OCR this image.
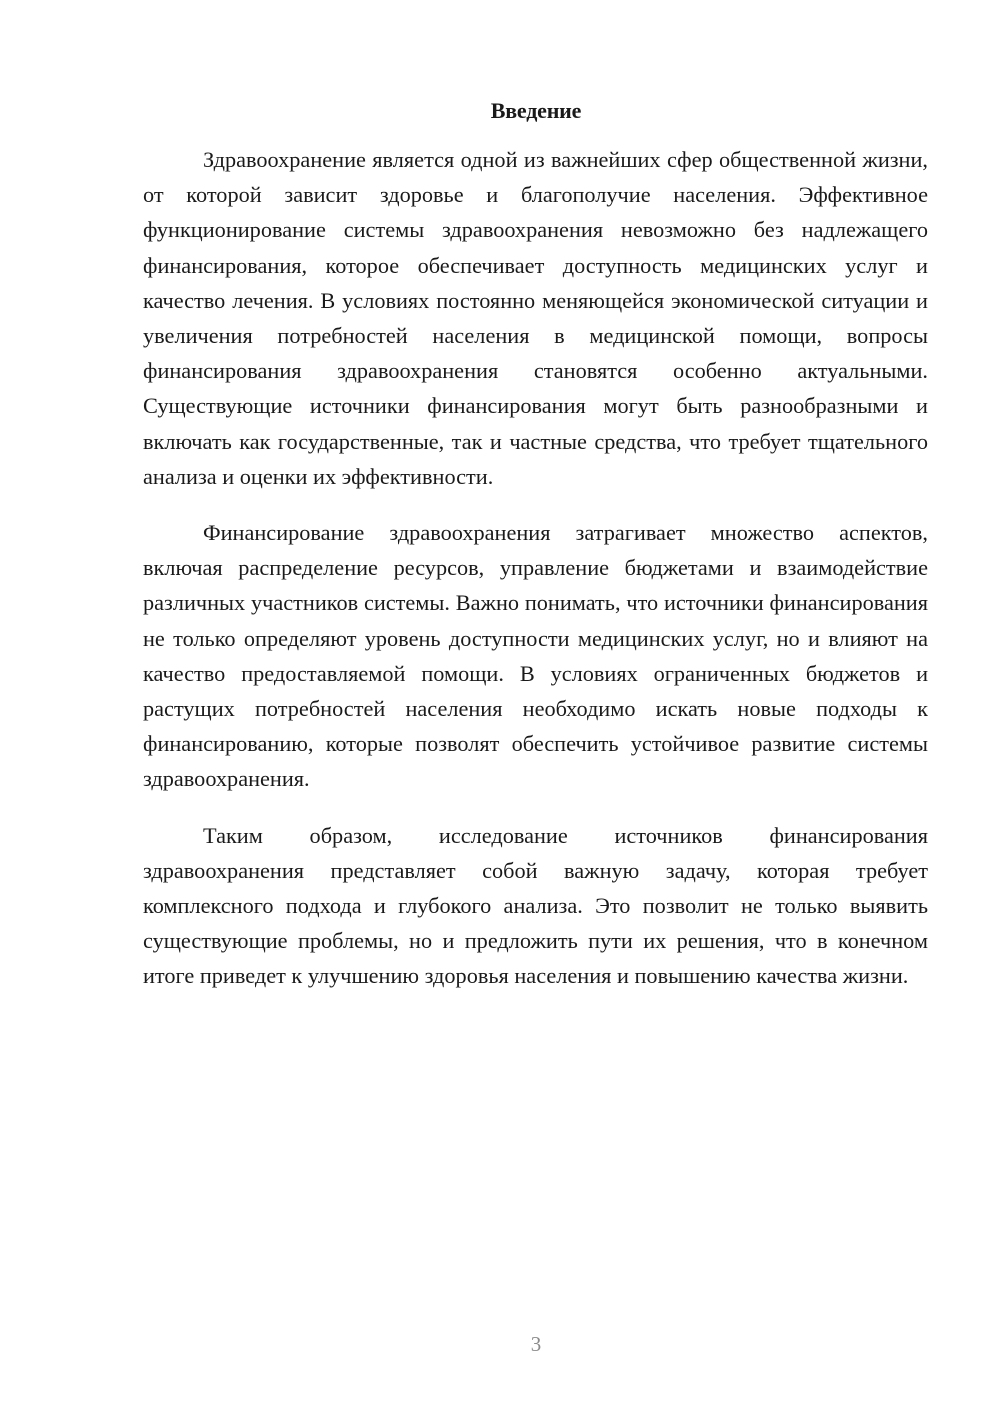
Введение

Здравоохранение является одной из важнейших сфер общественной жизни, от которой зависит здоровье и благополучие населения. Эффективное функционирование системы здравоохранения невозможно без надлежащего финансирования, которое обеспечивает доступность медицинских услуг и качество лечения. В условиях постоянно меняющейся экономической ситуации и увеличения потребностей населения в медицинской помощи, вопросы финансирования здравоохранения становятся особенно актуальными. Существующие источники финансирования могут быть разнообразными и включать как государственные, так и частные средства, что требует тщательного анализа и оценки их эффективности.

Финансирование здравоохранения затрагивает множество аспектов, включая распределение ресурсов, управление бюджетами и взаимодействие различных участников системы. Важно понимать, что источники финансирования не только определяют уровень доступности медицинских услуг, но и влияют на качество предоставляемой помощи. В условиях ограниченных бюджетов и растущих потребностей населения необходимо искать новые подходы к финансированию, которые позволят обеспечить устойчивое развитие системы здравоохранения.

Таким образом, исследование источников финансирования здравоохранения представляет собой важную задачу, которая требует комплексного подхода и глубокого анализа. Это позволит не только выявить существующие проблемы, но и предложить пути их решения, что в конечном итоге приведет к улучшению здоровья населения и повышению качества жизни.

3
